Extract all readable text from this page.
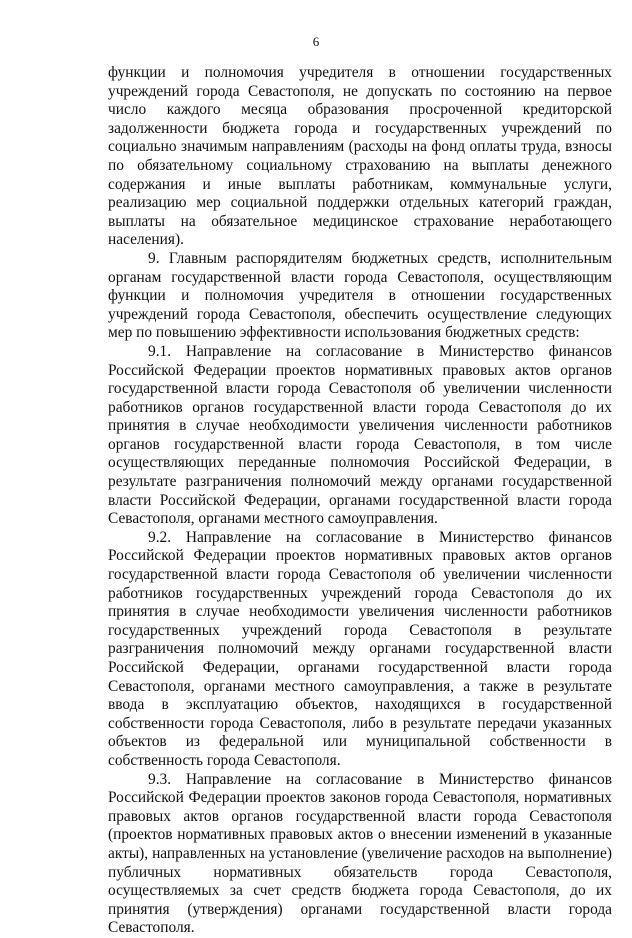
6

функции и полномочия учредителя в отношении государственных учреждений города Севастополя, не допускать по состоянию на первое число каждого месяца образования просроченной кредиторской задолженности бюджета города и государственных учреждений по социально значимым направлениям (расходы на фонд оплаты труда, взносы по обязательному социальному страхованию на выплаты денежного содержания и иные выплаты работникам, коммунальные услуги, реализацию мер социальной поддержки отдельных категорий граждан, выплаты на обязательное медицинское страхование неработающего населения).

9. Главным распорядителям бюджетных средств, исполнительным органам государственной власти города Севастополя, осуществляющим функции и полномочия учредителя в отношении государственных учреждений города Севастополя, обеспечить осуществление следующих мер по повышению эффективности использования бюджетных средств:

9.1. Направление на согласование в Министерство финансов Российской Федерации проектов нормативных правовых актов органов государственной власти города Севастополя об увеличении численности работников органов государственной власти города Севастополя до их принятия в случае необходимости увеличения численности работников органов государственной власти города Севастополя, в том числе осуществляющих переданные полномочия Российской Федерации, в результате разграничения полномочий между органами государственной власти Российской Федерации, органами государственной власти города Севастополя, органами местного самоуправления.

9.2. Направление на согласование в Министерство финансов Российской Федерации проектов нормативных правовых актов органов государственной власти города Севастополя об увеличении численности работников государственных учреждений города Севастополя до их принятия в случае необходимости увеличения численности работников государственных учреждений города Севастополя в результате разграничения полномочий между органами государственной власти Российской Федерации, органами государственной власти города Севастополя, органами местного самоуправления, а также в результате ввода в эксплуатацию объектов, находящихся в государственной собственности города Севастополя, либо в результате передачи указанных объектов из федеральной или муниципальной собственности в собственность города Севастополя.

9.3. Направление на согласование в Министерство финансов Российской Федерации проектов законов города Севастополя, нормативных правовых актов органов государственной власти города Севастополя (проектов нормативных правовых актов о внесении изменений в указанные акты), направленных на установление (увеличение расходов на выполнение) публичных нормативных обязательств города Севастополя, осуществляемых за счет средств бюджета города Севастополя, до их принятия (утверждения) органами государственной власти города Севастополя.
